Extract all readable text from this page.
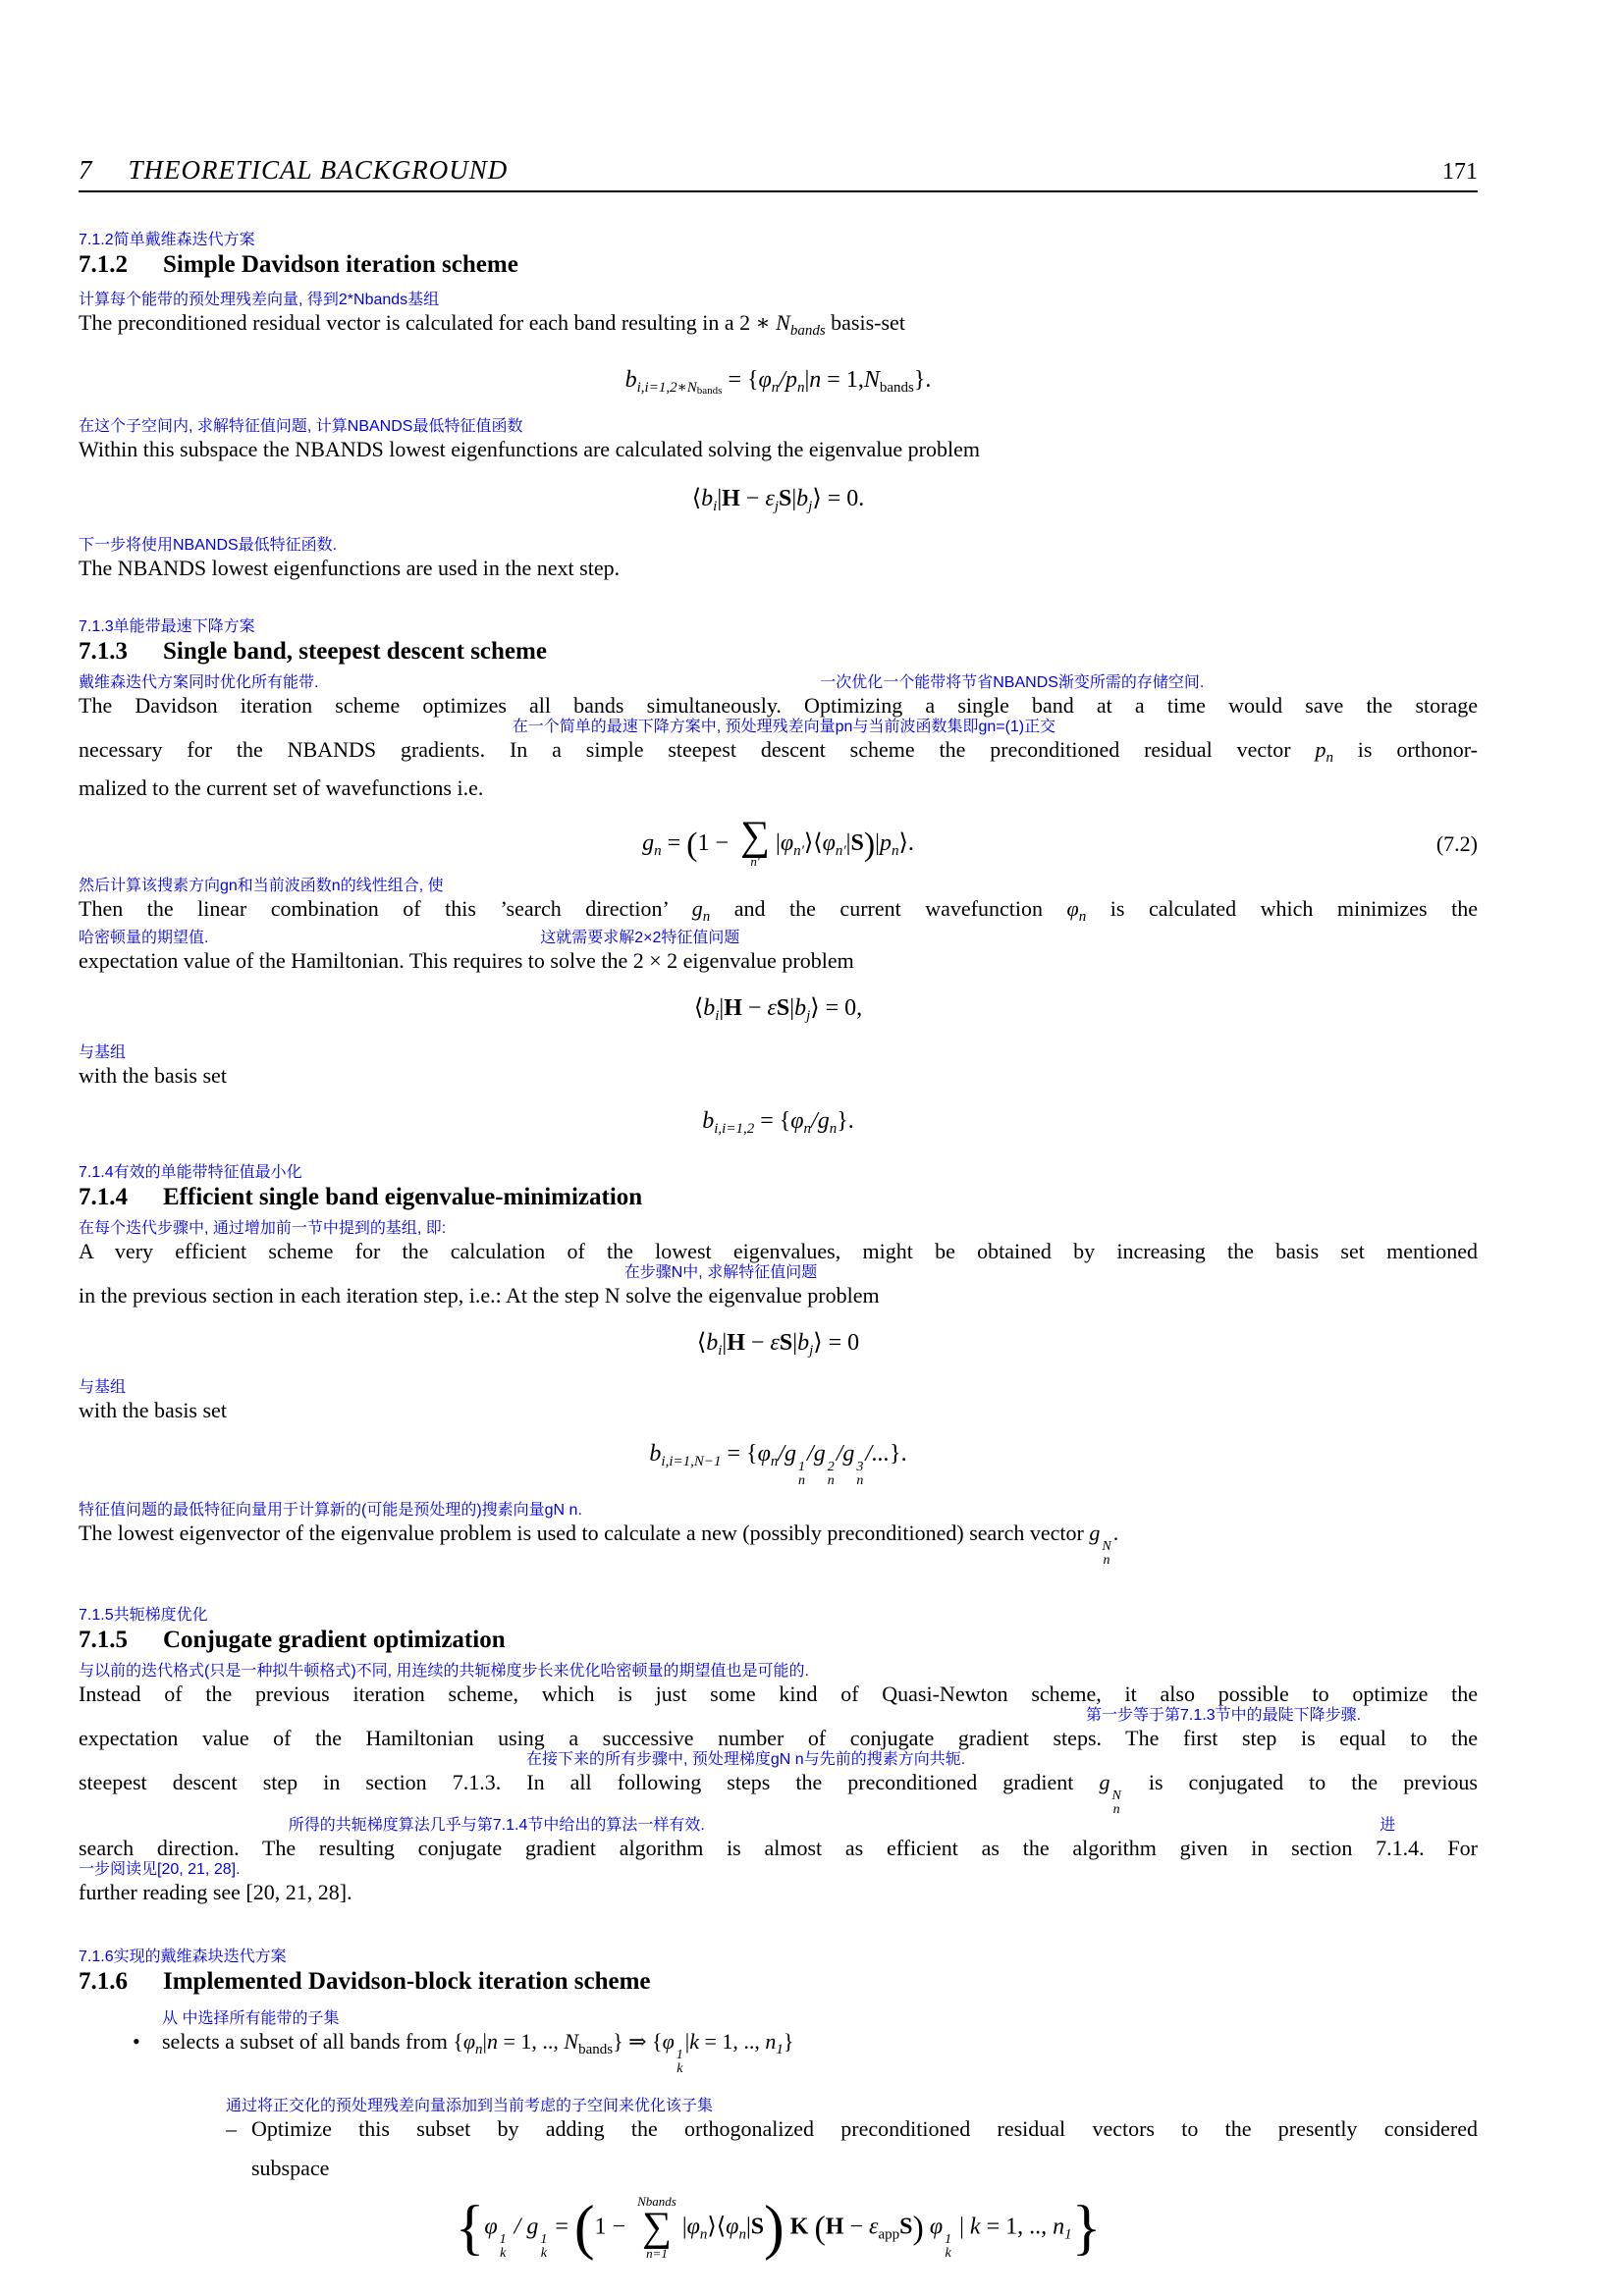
7 THEORETICAL BACKGROUND	171
7.1.2简单戴维森迭代方案
7.1.2 Simple Davidson iteration scheme
计算每个能带的预处理残差向量, 得到2*Nbands基组
The preconditioned residual vector is calculated for each band resulting in a 2 ∗ $N_{bands}$ basis-set
$b_{i,i=1,2∗Nbands} = \{\varphi_n/p_n|n = 1,N_{bands}\}$.
在这个子空间内, 求解特征值问题, 计算NBANDS最低特征值函数
Within this subspace the NBANDS lowest eigenfunctions are calculated solving the eigenvalue problem
$⟨b_i|H$ − $\varepsilon_jS|b_j⟩ = 0$.
下一步将使用NBANDS最低特征函数.
The NBANDS lowest eigenfunctions are used in the next step.
7.1.3单能带最速下降方案
7.1.3 Single band, steepest descent scheme
戴维森迭代方案同时优化所有能带.	一次优化一个能带将节省NBANDS渐变所需的存储空间.
The Davidson iteration scheme optimizes all bands simultaneously. Optimizing a single band at a time would save the storage
在一个简单的最速下降方案中, 预处理残差向量pn与当前波函数集即gn=(1)正交
necessary for the NBANDS gradients. In a simple steepest descent scheme the preconditioned residual vector $p_n$ is orthonor-
malized to the current set of wavefunctions i.e.
$g_n = (1$ − ∑
n′
$|\varphi_{n'}⟩⟨\varphi_{n'}|S)|p_n⟩$.	(7.2)
然后计算该搜素方向gn和当前波函数n的线性组合, 使
Then the linear combination of this ’search direction’ $g_n$ and the current wavefunction $\varphi_n$ is calculated which minimizes the
哈密顿量的期望值.	这就需要求解2×2特征值问题
expectation value of the Hamiltonian. This requires to solve the 2 × 2 eigenvalue problem
$⟨b_i|H$ − $\varepsilon S|b_j⟩ = 0$,
与基组
with the basis set
$b_{i,i=1,2} = \{\varphi_n/g_n\}$.
7.1.4有效的单能带特征值最小化
7.1.4 Efficient single band eigenvalue-minimization
在每个迭代步骤中, 通过增加前一节中提到的基组, 即:
A very efficient scheme for the calculation of the lowest eigenvalues, might be obtained by increasing the basis set mentioned
在步骤N中, 求解特征值问题
in the previous section in each iteration step, i.e.: At the step N solve the eigenvalue problem
$⟨b_i|H$ − $\varepsilon S|b_j⟩ = 0$
与基组
with the basis set
$b_{i,i=1,N-1} = \{\varphi_n/g$
1
n
/g
2
n
/g
3
n
/...}.
特征值问题的最低特征向量用于计算新的(可能是预处理的)搜素向量gN n.
The lowest eigenvector of the eigenvalue problem is used to calculate a new (possibly preconditioned) search vector g
N
n
.
7.1.5共轭梯度优化
7.1.5 Conjugate gradient optimization
与以前的迭代格式(只是一种拟牛顿格式)不同, 用连续的共轭梯度步长来优化哈密顿量的期望值也是可能的.
Instead of the previous iteration scheme, which is just some kind of Quasi-Newton scheme, it also possible to optimize the
第一步等于第7.1.3节中的最陡下降步骤.
expectation value of the Hamiltonian using a successive number of conjugate gradient steps. The first step is equal to the
在接下来的所有步骤中, 预处理梯度gN n与先前的搜素方向共轭.
steepest descent step in section 7.1.3. In all following steps the preconditioned gradient g
N
n
is conjugated to the previous
所得的共轭梯度算法几乎与第7.1.4节中给出的算法一样有效.	进
search direction. The resulting conjugate gradient algorithm is almost as efficient as the algorithm given in section 7.1.4. For
一步阅读见[20, 21, 28].
further reading see [20, 21, 28].
7.1.6实现的戴维森块迭代方案
7.1.6 Implemented Davidson-block iteration scheme
从 中选择所有能带的子集
•	selects a subset of all bands from {$\varphi_n|n = 1$, .., $N_{bands}$} ⇒ {φ
1
k
|k = 1, .., $n_1$}
通过将正交化的预处理残差向量添加到当前考虑的子空间来优化该子集
– Optimize this subset by adding the orthogonalized preconditioned residual vectors to the presently considered
subspace
{φ
1
k
/ g
1
k
= (1 −
Nbands
∑
n=1
$|\varphi_n⟩⟨\varphi_n|S$) K $(H - \varepsilon_{app}S)$ φ
1
k
| k = 1, .., $n_1$}
